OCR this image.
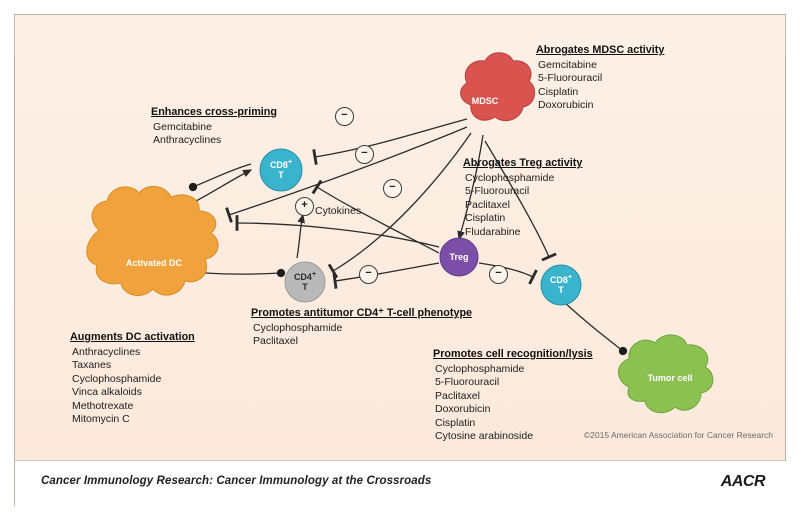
Activated DC
MDSC
CD8+
T
CD4+
T
Treg
CD8+
T
Tumor cell
−
−
−
+
−	−
Cytokines
Enhances cross-priming
Gemcitabine
Anthracyclines
Abrogates MDSC activity
Gemcitabine
5-Fluorouracil
Cisplatin
Doxorubicin
Abrogates Treg activity
Cyclophosphamide
5-Fluorouracil
Paclitaxel
Cisplatin
Fludarabine
Augments DC activation
Anthracyclines
Taxanes
Cyclophosphamide
Vinca alkaloids
Methotrexate
Mitomycin C
Promotes antitumor CD4⁺ T-cell phenotype
Cyclophosphamide
Paclitaxel
Promotes cell recognition/lysis
Cyclophosphamide
5-Fluorouracil
Paclitaxel
Doxorubicin
Cisplatin
Cytosine arabinoside	©2015 American Association for Cancer Research
Cancer Immunology Research: Cancer Immunology at the Crossroads	AACR
